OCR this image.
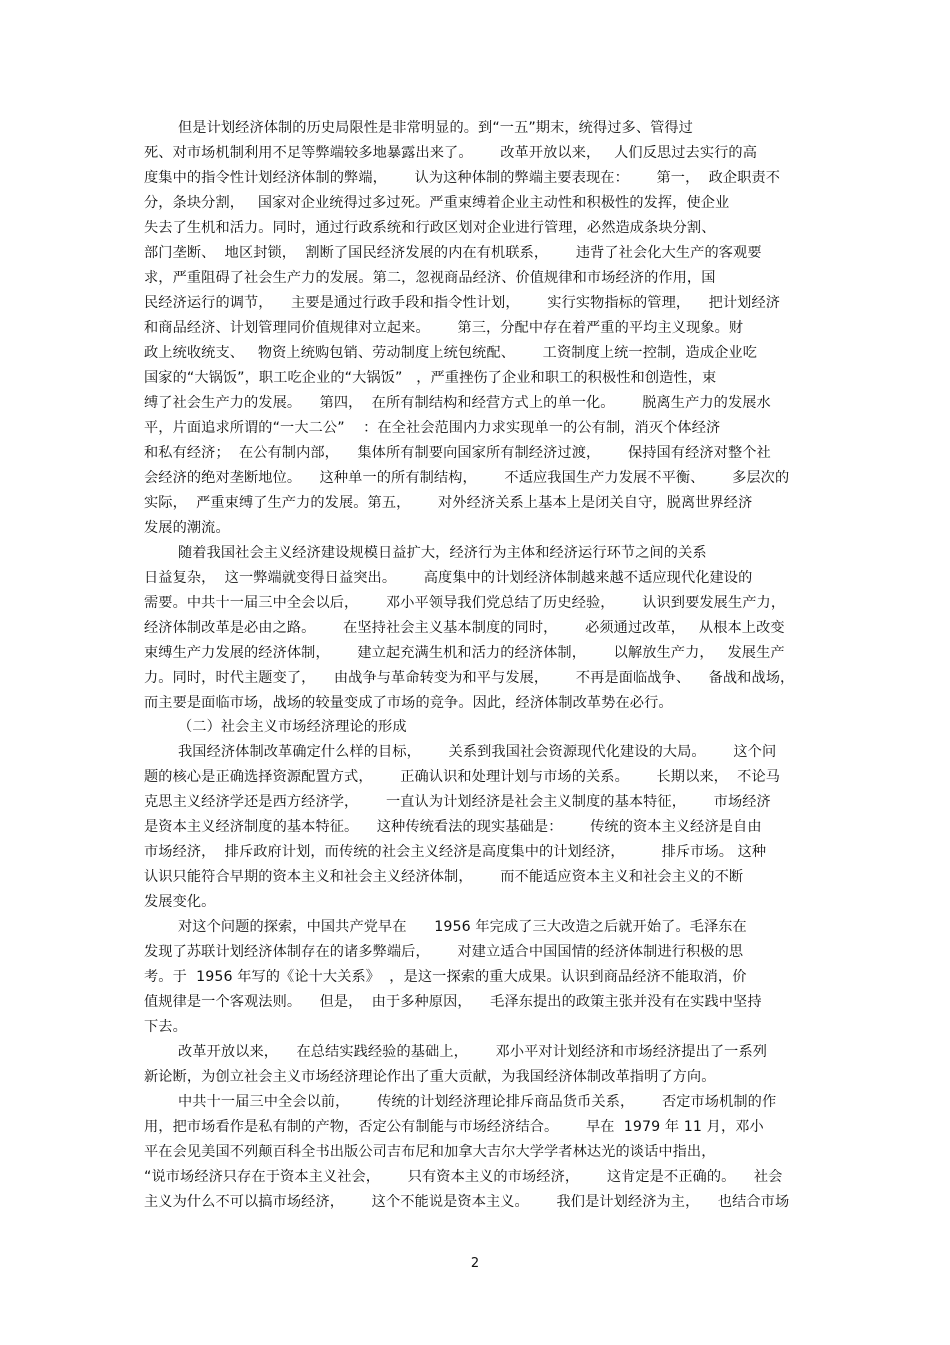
但是计划经济体制的历史局限性是非常明显的。到“一五”期末，统得过多、管得过
死、对市场机制利用不足等弊端较多地暴露出来了。      改革开放以来，   人们反思过去实行的高
度集中的指令性计划经济体制的弊端，      认为这种体制的弊端主要表现在：      第一，  政企职责不
分，条块分割，   国家对企业统得过多过死。严重束缚着企业主动性和积极性的发挥，使企业
失去了生机和活力。同时，通过行政系统和行政区划对企业进行管理，必然造成条块分割、
部门垄断、  地区封锁，  割断了国民经济发展的内在有机联系，      违背了社会化大生产的客观要
求，严重阻碍了社会生产力的发展。第二，忽视商品经济、价值规律和市场经济的作用，国
民经济运行的调节，    主要是通过行政手段和指令性计划，      实行实物指标的管理，    把计划经济
和商品经济、计划管理同价值规律对立起来。      第三，分配中存在着严重的平均主义现象。财
政上统收统支、   物资上统购包销、劳动制度上统包统配、      工资制度上统一控制，造成企业吃
国家的“大锅饭”，职工吃企业的“大锅饭”   ，严重挫伤了企业和职工的积极性和创造性，束
缚了社会生产力的发展。    第四，  在所有制结构和经营方式上的单一化。      脱离生产力的发展水
平，片面追求所谓的“一大二公”    ：在全社会范围内力求实现单一的公有制，消灭个体经济
和私有经济；  在公有制内部，    集体所有制要向国家所有制经济过渡，      保持国有经济对整个社
会经济的绝对垄断地位。    这种单一的所有制结构，      不适应我国生产力发展不平衡、      多层次的
实际，  严重束缚了生产力的发展。第五，      对外经济关系上基本上是闭关自守，脱离世界经济
发展的潮流。
随着我国社会主义经济建设规模日益扩大，经济行为主体和经济运行环节之间的关系
日益复杂，  这一弊端就变得日益突出。      高度集中的计划经济体制越来越不适应现代化建设的
需要。中共十一届三中全会以后，      邓小平领导我们党总结了历史经验，      认识到要发展生产力，
经济体制改革是必由之路。      在坚持社会主义基本制度的同时，      必须通过改革，   从根本上改变
束缚生产力发展的经济体制，      建立起充满生机和活力的经济体制，      以解放生产力，   发展生产
力。同时，时代主题变了，    由战争与革命转变为和平与发展，      不再是面临战争、    备战和战场，
而主要是面临市场，战场的较量变成了市场的竞争。因此，经济体制改革势在必行。
（二）社会主义市场经济理论的形成
我国经济体制改革确定什么样的目标，      关系到我国社会资源现代化建设的大局。      这个问
题的核心是正确选择资源配置方式，      正确认识和处理计划与市场的关系。      长期以来，  不论马
克思主义经济学还是西方经济学，      一直认为计划经济是社会主义制度的基本特征，      市场经济
是资本主义经济制度的基本特征。    这种传统看法的现实基础是：      传统的资本主义经济是自由
市场经济，  排斥政府计划，而传统的社会主义经济是高度集中的计划经济，        排斥市场。 这种
认识只能符合早期的资本主义和社会主义经济体制，      而不能适应资本主义和社会主义的不断
发展变化。
对这个问题的探索，中国共产党早在      1956 年完成了三大改造之后就开始了。毛泽东在
发现了苏联计划经济体制存在的诸多弊端后，      对建立适合中国国情的经济体制进行积极的思
考。于  1956 年写的《论十大关系》  ，是这一探索的重大成果。认识到商品经济不能取消，价
值规律是一个客观法则。    但是，  由于多种原因，    毛泽东提出的政策主张并没有在实践中坚持
下去。
改革开放以来，    在总结实践经验的基础上，      邓小平对计划经济和市场经济提出了一系列
新论断，为创立社会主义市场经济理论作出了重大贡献，为我国经济体制改革指明了方向。
中共十一届三中全会以前，      传统的计划经济理论排斥商品货币关系，      否定市场机制的作
用，把市场看作是私有制的产物，否定公有制能与市场经济结合。      早在  1979 年 11 月，邓小
平在会见美国不列颠百科全书出版公司吉布尼和加拿大吉尔大学学者林达光的谈话中指出，
“说市场经济只存在于资本主义社会，      只有资本主义的市场经济，      这肯定是不正确的。    社会
主义为什么不可以搞市场经济，      这个不能说是资本主义。      我们是计划经济为主，    也结合市场
2
